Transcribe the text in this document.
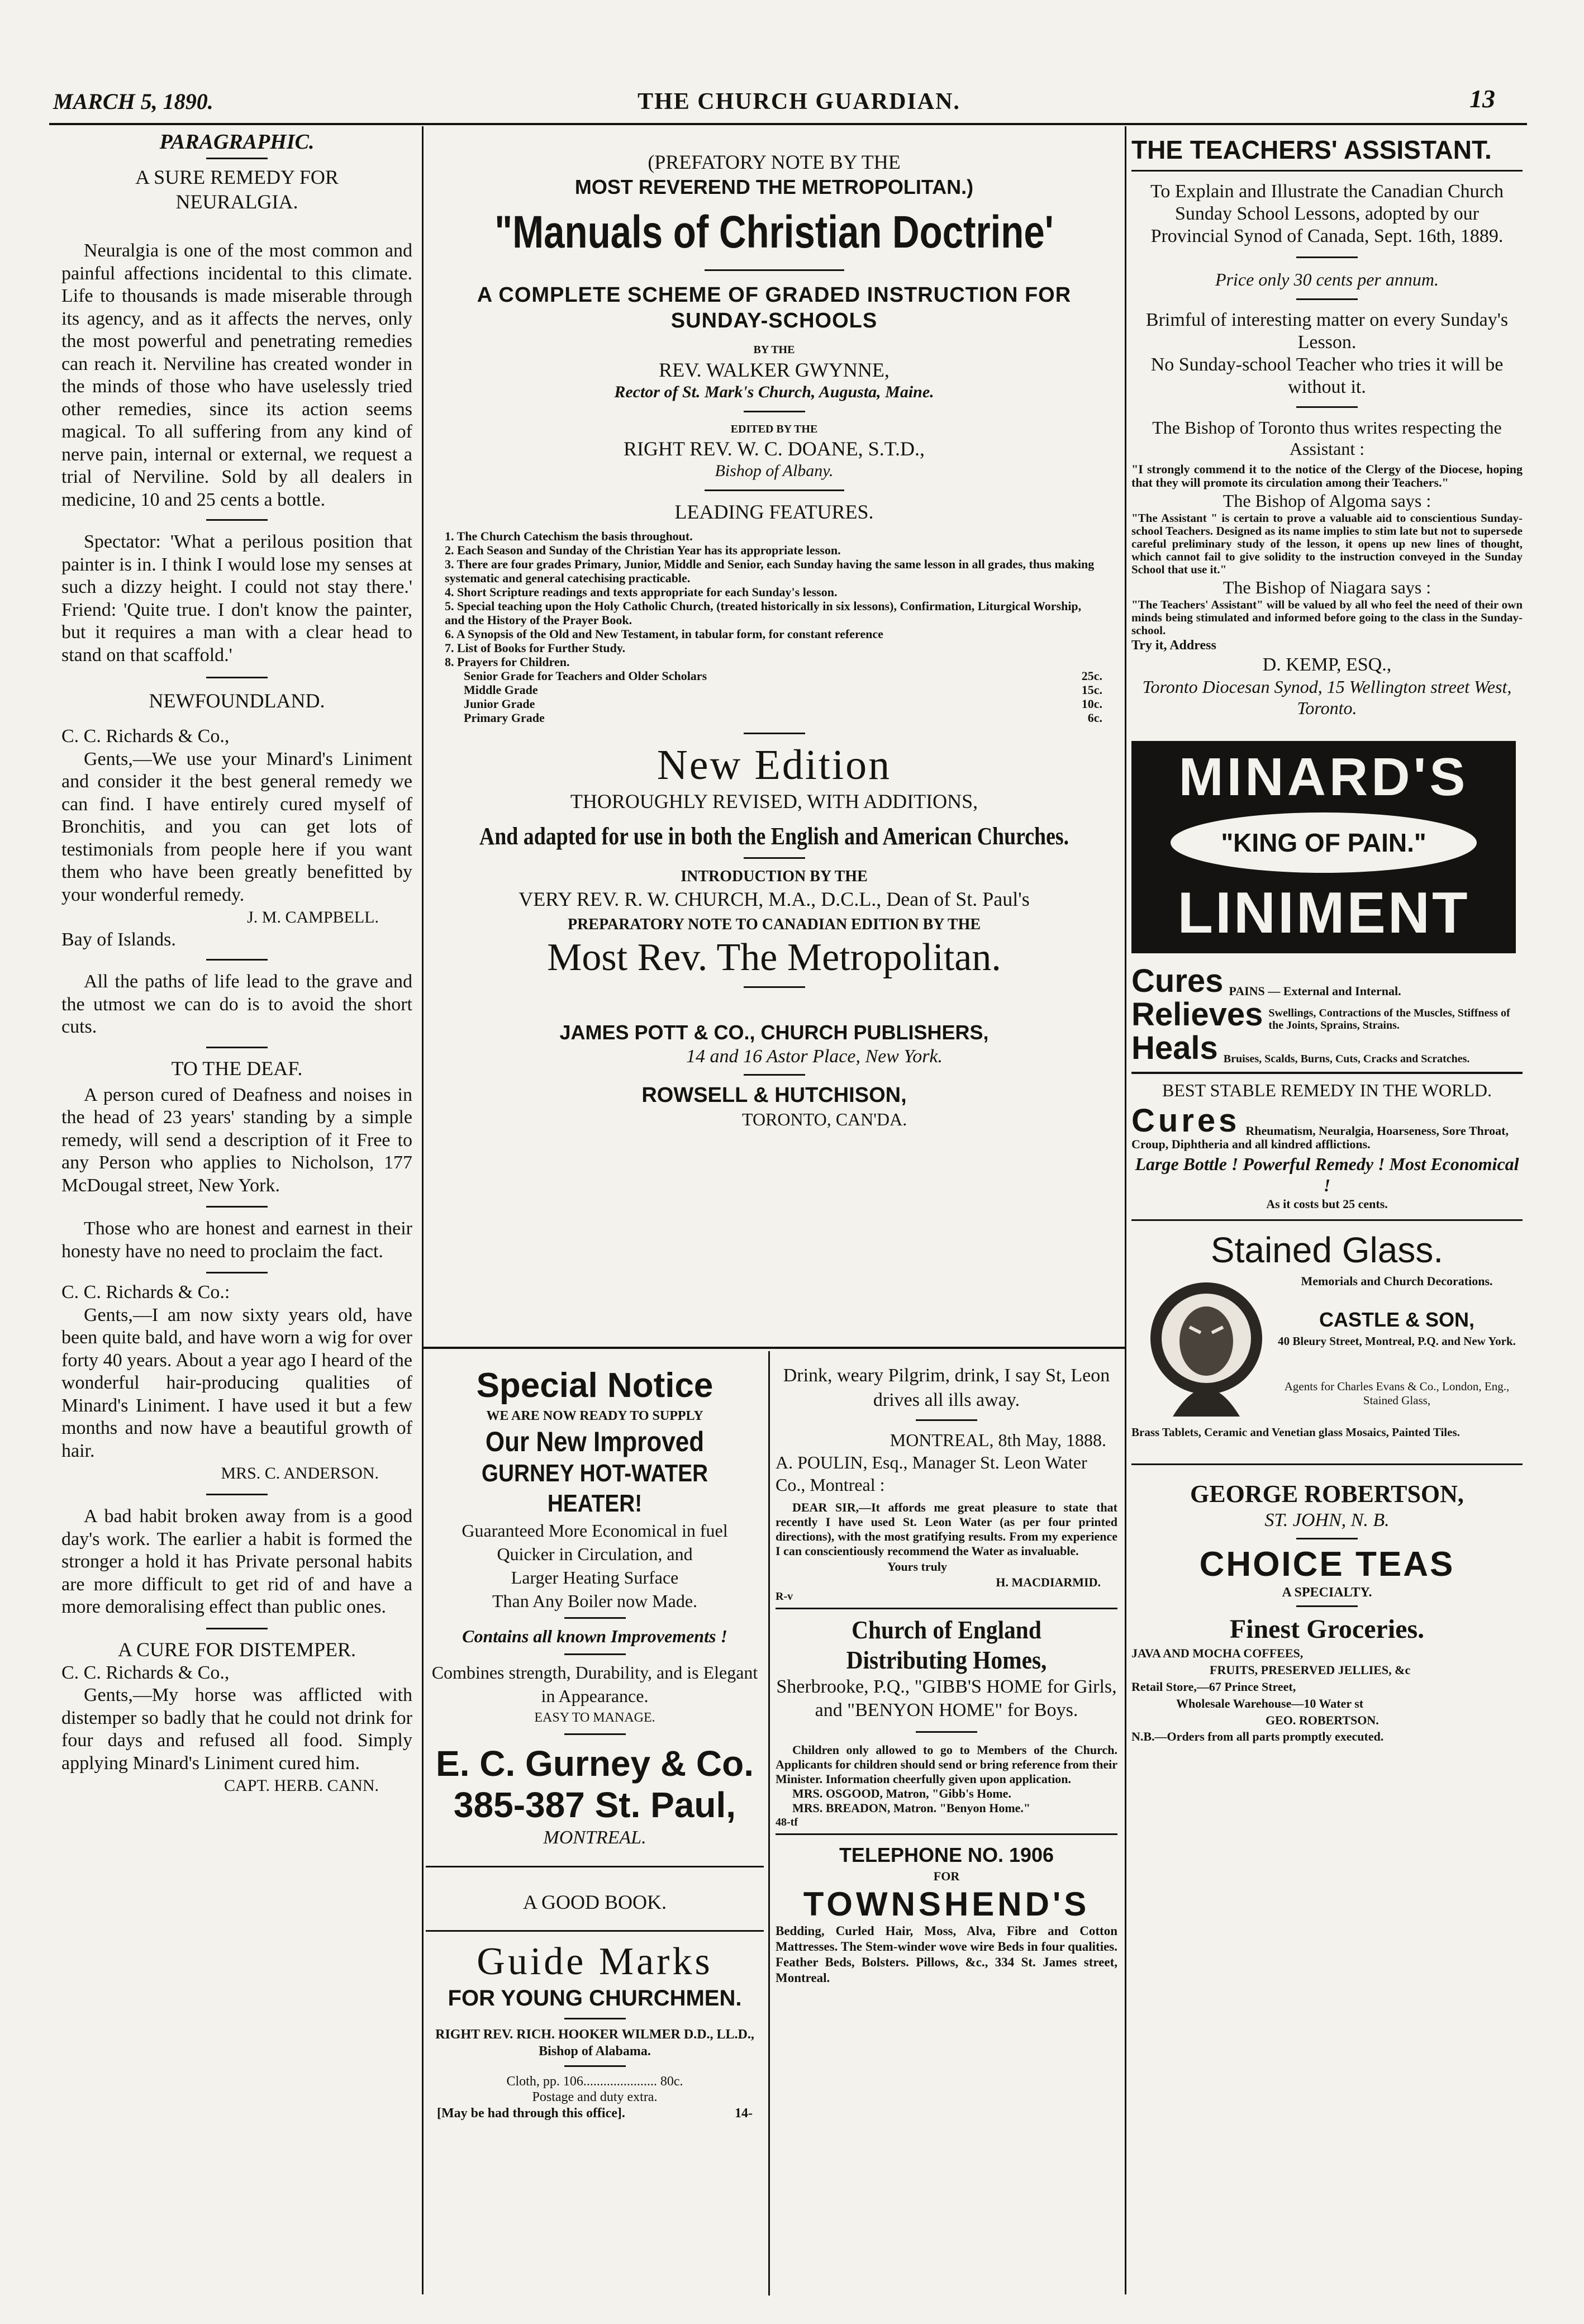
MARCH 5, 1890.	THE CHURCH GUARDIAN.	13
PARAGRAPHIC.
A SURE REMEDY FOR NEURALGIA.
Neuralgia is one of the most common and painful affections incidental to this climate. Life to thousands is made miserable through its agency, and as it affects the nerves, only the most powerful and penetrating remedies can reach it. Nerviline has created wonder in the minds of those who have uselessly tried other remedies, since its action seems magical. To all suffering from any kind of nerve pain, internal or external, we request a trial of Nerviline. Sold by all dealers in medicine, 10 and 25 cents a bottle.
Spectator: 'What a perilous position that painter is in. I think I would lose my senses at such a dizzy height. I could not stay there.' Friend: 'Quite true. I don't know the painter, but it requires a man with a clear head to stand on that scaffold.'
NEWFOUNDLAND.
C. C. Richards & Co.,
Gents,—We use your Minard's Liniment and consider it the best general remedy we can find. I have entirely cured myself of Bronchitis, and you can get lots of testimonials from people here if you want them who have been greatly benefitted by your wonderful remedy.
J. M. CAMPBELL.
Bay of Islands.
All the paths of life lead to the grave and the utmost we can do is to avoid the short cuts.
TO THE DEAF.
A person cured of Deafness and noises in the head of 23 years' standing by a simple remedy, will send a description of it Free to any Person who applies to Nicholson, 177 McDougal street, New York.
Those who are honest and earnest in their honesty have no need to proclaim the fact.
C. C. Richards & Co.:
Gents,—I am now sixty years old, have been quite bald, and have worn a wig for over forty 40 years. About a year ago I heard of the wonderful hair-producing qualities of Minard's Liniment. I have used it but a few months and now have a beautiful growth of hair.
MRS. C. ANDERSON.
A bad habit broken away from is a good day's work. The earlier a habit is formed the stronger a hold it has Private personal habits are more difficult to get rid of and have a more demoralising effect than public ones.
A CURE FOR DISTEMPER.
C. C. Richards & Co.,
Gents,—My horse was afflicted with distemper so badly that he could not drink for four days and refused all food. Simply applying Minard's Liniment cured him.
CAPT. HERB. CANN.
(PREFATORY NOTE BY THE
MOST REVEREND THE METROPOLITAN.)
"Manuals of Christian Doctrine'
A COMPLETE SCHEME OF GRADED INSTRUCTION FOR SUNDAY-SCHOOLS
BY THE
REV. WALKER GWYNNE,
Rector of St. Mark's Church, Augusta, Maine.
EDITED BY THE
RIGHT REV. W. C. DOANE, S.T.D.,
Bishop of Albany.
LEADING FEATURES.
1. The Church Catechism the basis throughout.
2. Each Season and Sunday of the Christian Year has its appropriate lesson.
3. There are four grades Primary, Junior, Middle and Senior, each Sunday having the same lesson in all grades, thus making systematic and general catechising practicable.
4. Short Scripture readings and texts appropriate for each Sunday's lesson.
5. Special teaching upon the Holy Catholic Church, (treated historically in six lessons), Confirmation, Liturgical Worship, and the History of the Prayer Book.
6. A Synopsis of the Old and New Testament, in tabular form, for constant reference
7. List of Books for Further Study.
8. Prayers for Children.
Senior Grade for Teachers and Older Scholars	25c.
Middle Grade	15c.
Junior Grade	10c.
Primary Grade	6c.
New Edition
THOROUGHLY REVISED, WITH ADDITIONS,
And adapted for use in both the English and American Churches.
INTRODUCTION BY THE
VERY REV. R. W. CHURCH, M.A., D.C.L., Dean of St. Paul's
PREPARATORY NOTE TO CANADIAN EDITION BY THE
Most Rev. The Metropolitan.

JAMES POTT & CO., CHURCH PUBLISHERS,

14 and 16 Astor Place, New York.
ROWSELL & HUTCHISON,
TORONTO, CAN'DA.
Special Notice
WE ARE NOW READY TO SUPPLY
Our New Improved
GURNEY HOT-WATER HEATER!
Guaranteed More Economical in fuel
Quicker in Circulation, and
Larger Heating Surface
Than Any Boiler now Made.
Contains all known Improvements !
Combines strength, Durability, and is Elegant in Appearance.
EASY TO MANAGE.
E. C. Gurney & Co.
385-387 St. Paul,
MONTREAL.
A GOOD BOOK.
Guide Marks
FOR YOUNG CHURCHMEN.
RIGHT REV. RICH. HOOKER WILMER D.D., LL.D., Bishop of Alabama.
Cloth, pp. 106...................... 80c.
Postage and duty extra.
[May be had through this office].	14-
Drink, weary Pilgrim, drink, I say St, Leon drives all ills away.
MONTREAL, 8th May, 1888.
A. POULIN, Esq., Manager St. Leon Water Co., Montreal :
DEAR SIR,—It affords me great pleasure to state that recently I have used St. Leon Water (as per four printed directions), with the most gratifying results. From my experience I can conscientiously recommend the Water as invaluable.
Yours truly
H. MACDIARMID.
R-v
Church of England Distributing Homes,
Sherbrooke, P.Q., "GIBB'S HOME for Girls, and "BENYON HOME" for Boys.
Children only allowed to go to Members of the Church. Applicants for children should send or bring reference from their Minister. Information cheerfully given upon application.
MRS. OSGOOD, Matron, "Gibb's Home.
MRS. BREADON, Matron. "Benyon Home."
48-tf
TELEPHONE NO. 1906
FOR
TOWNSHEND'S
Bedding, Curled Hair, Moss, Alva, Fibre and Cotton Mattresses. The Stem-winder wove wire Beds in four qualities. Feather Beds, Bolsters. Pillows, &c., 334 St. James street, Montreal.
THE TEACHERS' ASSISTANT.
To Explain and Illustrate the Canadian Church Sunday School Lessons, adopted by our Provincial Synod of Canada, Sept. 16th, 1889.
Price only 30 cents per annum.
Brimful of interesting matter on every Sunday's Lesson.
No Sunday-school Teacher who tries it will be without it.
The Bishop of Toronto thus writes respecting the Assistant :
"I strongly commend it to the notice of the Clergy of the Diocese, hoping that they will promote its circulation among their Teachers."
The Bishop of Algoma says :
"The Assistant " is certain to prove a valuable aid to conscientious Sunday-school Teachers. Designed as its name implies to stim late but not to supersede careful preliminary study of the lesson, it opens up new lines of thought, which cannot fail to give solidity to the instruction conveyed in the Sunday School that use it."
The Bishop of Niagara says :
"The Teachers' Assistant" will be valued by all who feel the need of their own minds being stimulated and informed before going to the class in the Sunday-school.
Try it, Address
D. KEMP, ESQ.,
Toronto Diocesan Synod, 15 Wellington street West, Toronto.
MINARD'S
"KING OF PAIN."
LINIMENT
Cures PAINS — External and Internal.
Relieves Swellings, Contractions of the Muscles, Stiffness of the Joints, Sprains, Strains.
Heals Bruises, Scalds, Burns, Cuts, Cracks and Scratches.
BEST STABLE REMEDY IN THE WORLD.
Cures Rheumatism, Neuralgia, Hoarseness, Sore Throat,
Croup, Diphtheria and all kindred afflictions.
Large Bottle ! Powerful Remedy ! Most Economical !
As it costs but 25 cents.
Stained Glass.
Memorials and Church Decorations.
CASTLE & SON,
40 Bleury Street, Montreal, P.Q. and New York.
Agents for Charles Evans & Co., London, Eng., Stained Glass,
Brass Tablets, Ceramic and Venetian glass Mosaics, Painted Tiles.
GEORGE ROBERTSON,
ST. JOHN, N. B.
CHOICE TEAS
A SPECIALTY.
Finest Groceries.
JAVA AND MOCHA COFFEES,
FRUITS, PRESERVED JELLIES, &c
Retail Store,—67 Prince Street,
Wholesale Warehouse—10 Water st
GEO. ROBERTSON.
N.B.—Orders from all parts promptly executed.
